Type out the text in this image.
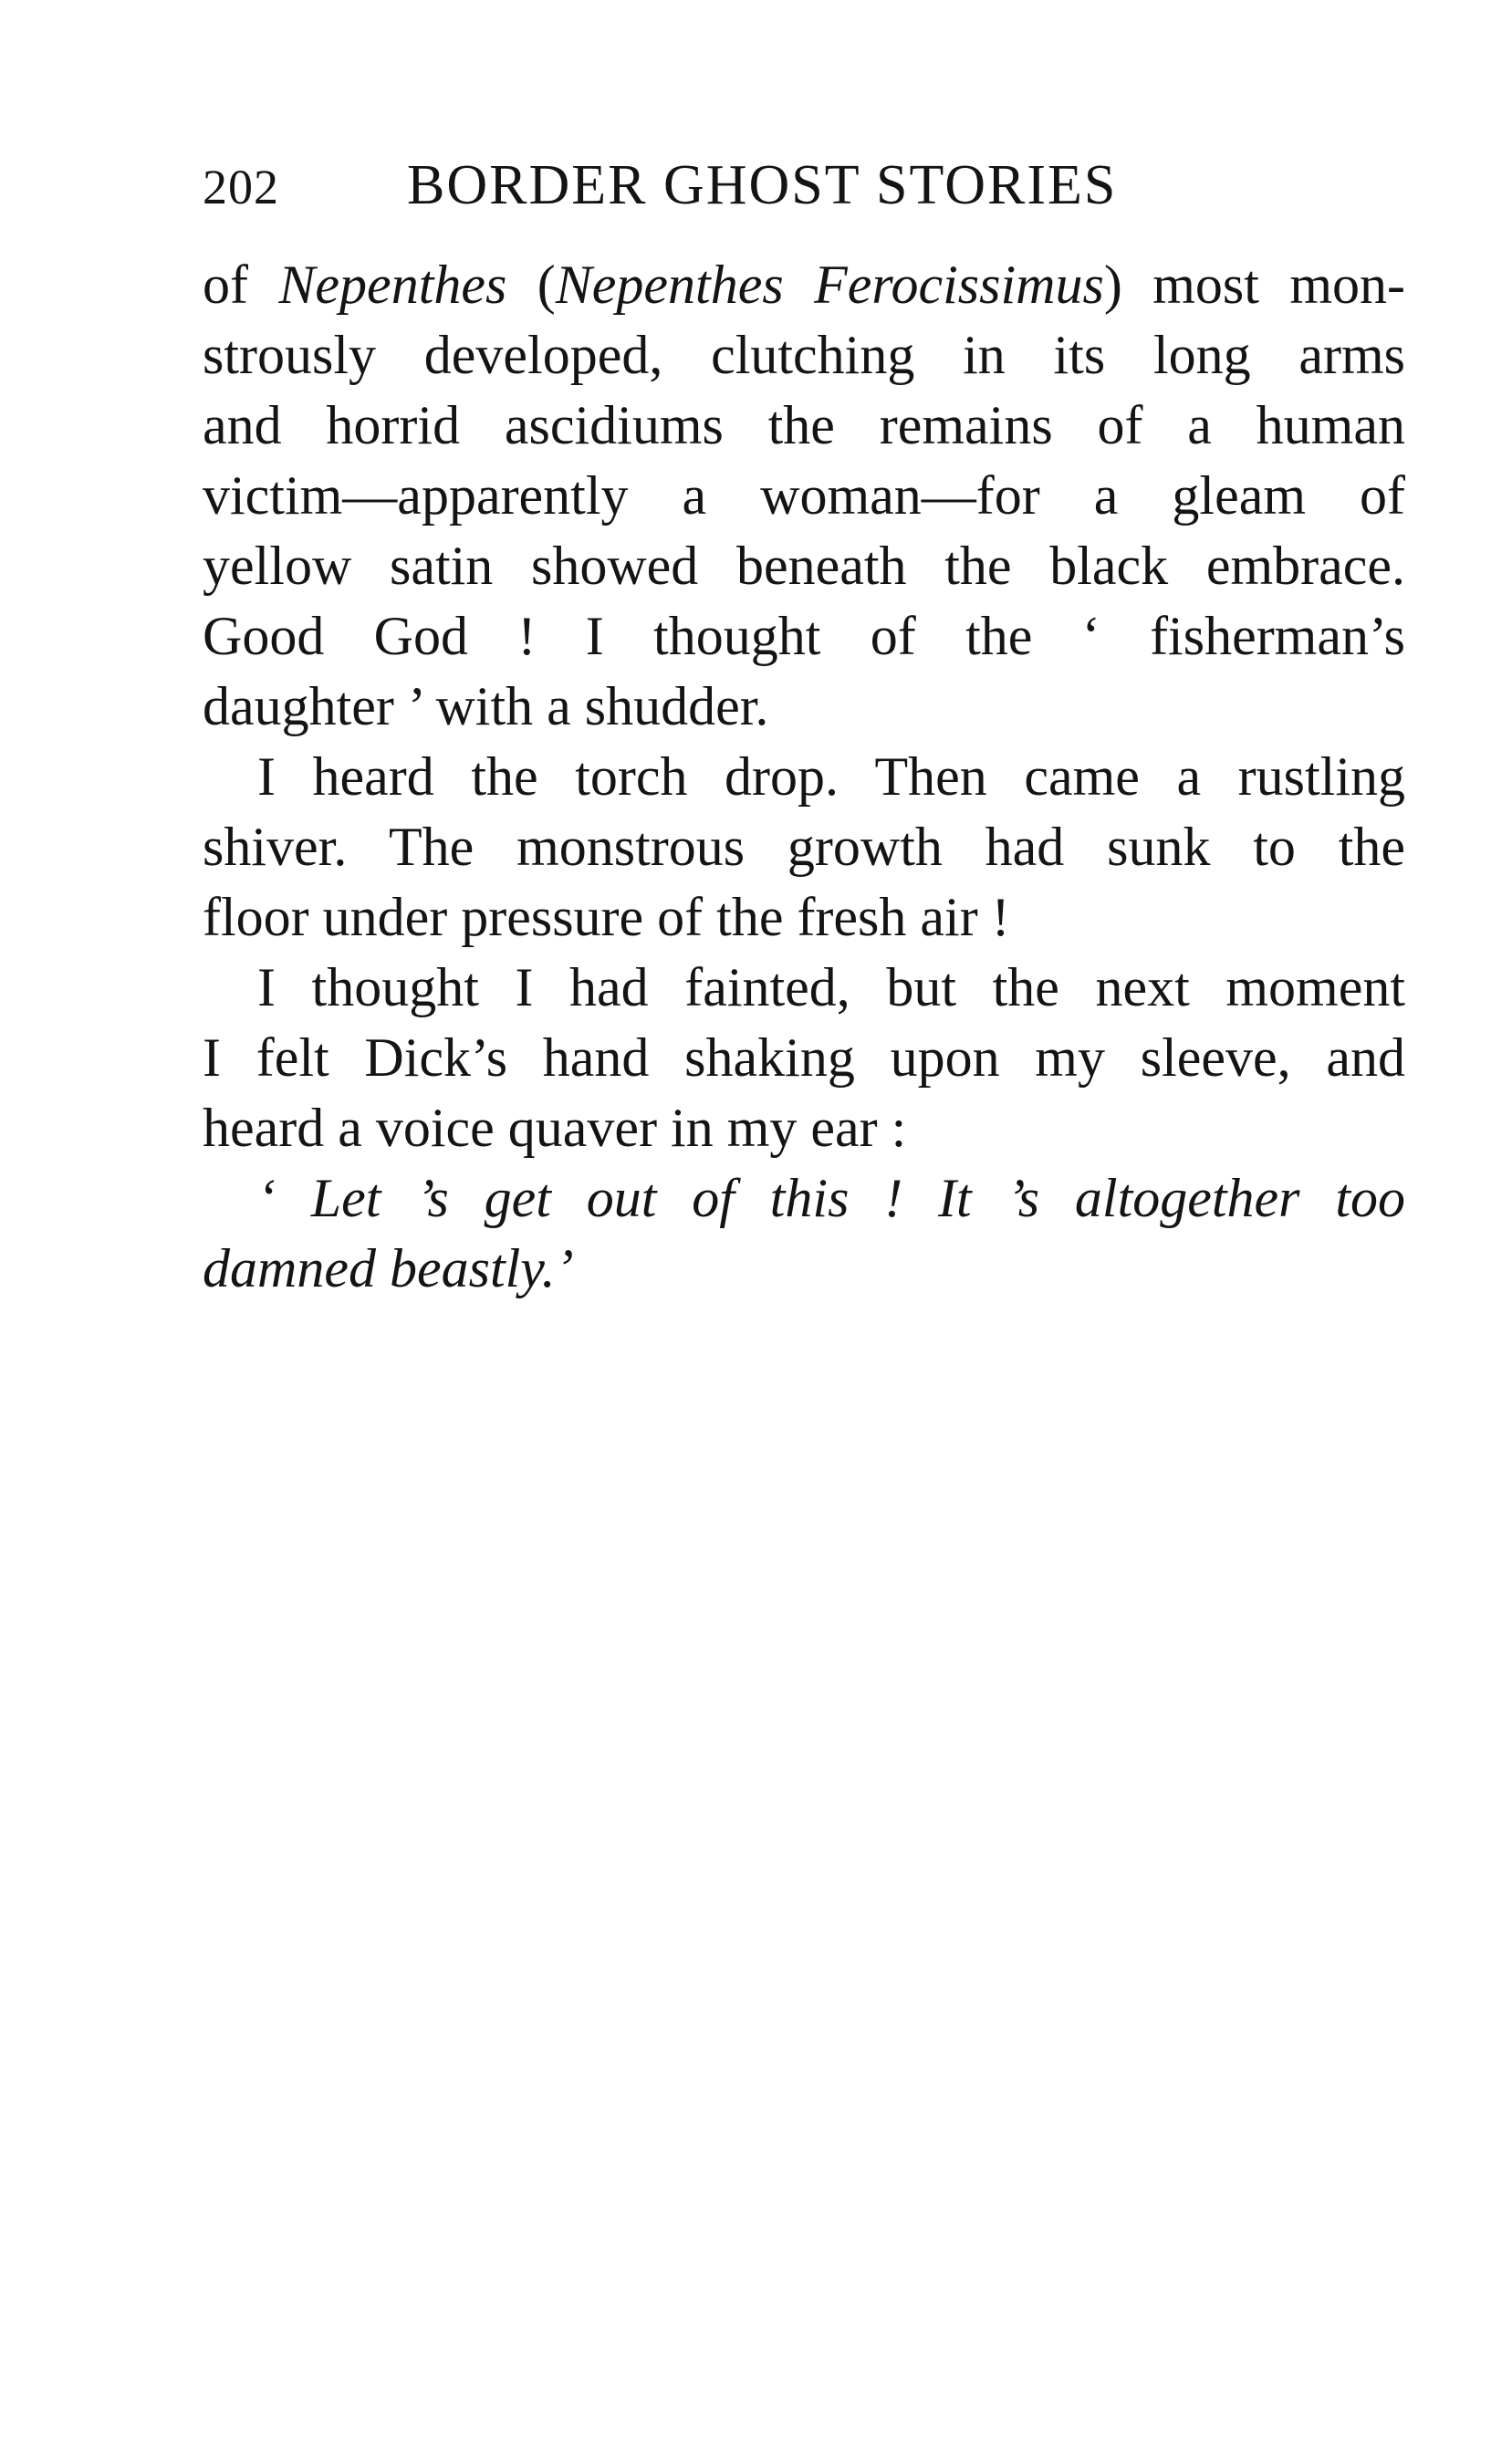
202 BORDER GHOST STORIES
of Nepenthes (Nepenthes Ferocissimus) most mon-
strously developed, clutching in its long arms
and horrid ascidiums the remains of a human
victim—apparently a woman—for a gleam of
yellow satin showed beneath the black embrace.
Good God ! I thought of the ‘ fisherman’s
daughter ’ with a shudder.
I heard the torch drop. Then came a rustling
shiver. The monstrous growth had sunk to the
floor under pressure of the fresh air !
I thought I had fainted, but the next moment
I felt Dick’s hand shaking upon my sleeve, and
heard a voice quaver in my ear :
‘ Let ’s get out of this ! It ’s altogether too
damned beastly.’
